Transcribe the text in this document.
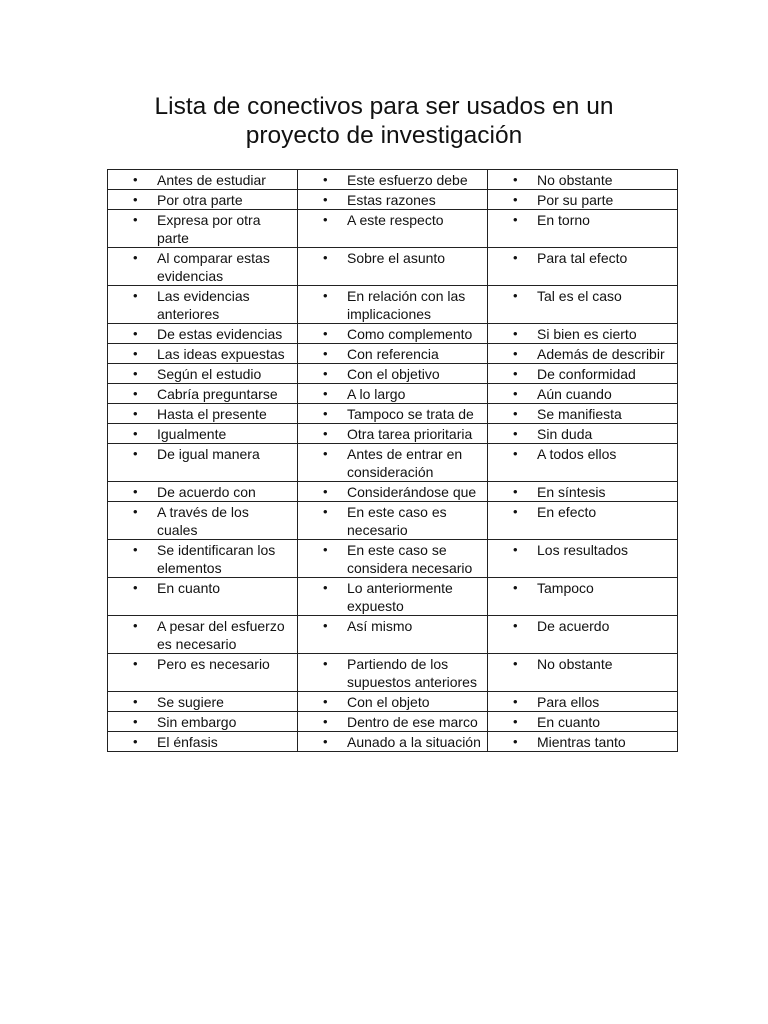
Lista de conectivos para ser usados en un
proyecto de investigación
• Antes de estudiar	• Este esfuerzo debe	• No obstante

• Por otra parte	• Estas razones	• Por su parte

• Expresa por otra parte	• A este respecto	• En torno

• Al comparar estas evidencias	• Sobre el asunto	• Para tal efecto

• Las evidencias anteriores	• En relación con las implicaciones	• Tal es el caso

• De estas evidencias	• Como complemento	• Si bien es cierto

• Las ideas expuestas	• Con referencia	• Además de describir

• Según el estudio	• Con el objetivo	• De conformidad

• Cabría preguntarse	• A lo largo	• Aún cuando

• Hasta el presente	• Tampoco se trata de	• Se manifiesta

• Igualmente	• Otra tarea prioritaria	• Sin duda

• De igual manera	• Antes de entrar en consideración	• A todos ellos

• De acuerdo con	• Considerándose que	• En síntesis

• A través de los cuales	• En este caso es necesario	• En efecto

• Se identificaran los elementos	• En este caso se considera necesario	• Los resultados

• En cuanto	• Lo anteriormente expuesto	• Tampoco

• A pesar del esfuerzo es necesario	• Así mismo	• De acuerdo

• Pero es necesario	• Partiendo de los supuestos anteriores	• No obstante

• Se sugiere	• Con el objeto	• Para ellos

• Sin embargo	• Dentro de ese marco	• En cuanto

• El énfasis	• Aunado a la situación	• Mientras tanto
